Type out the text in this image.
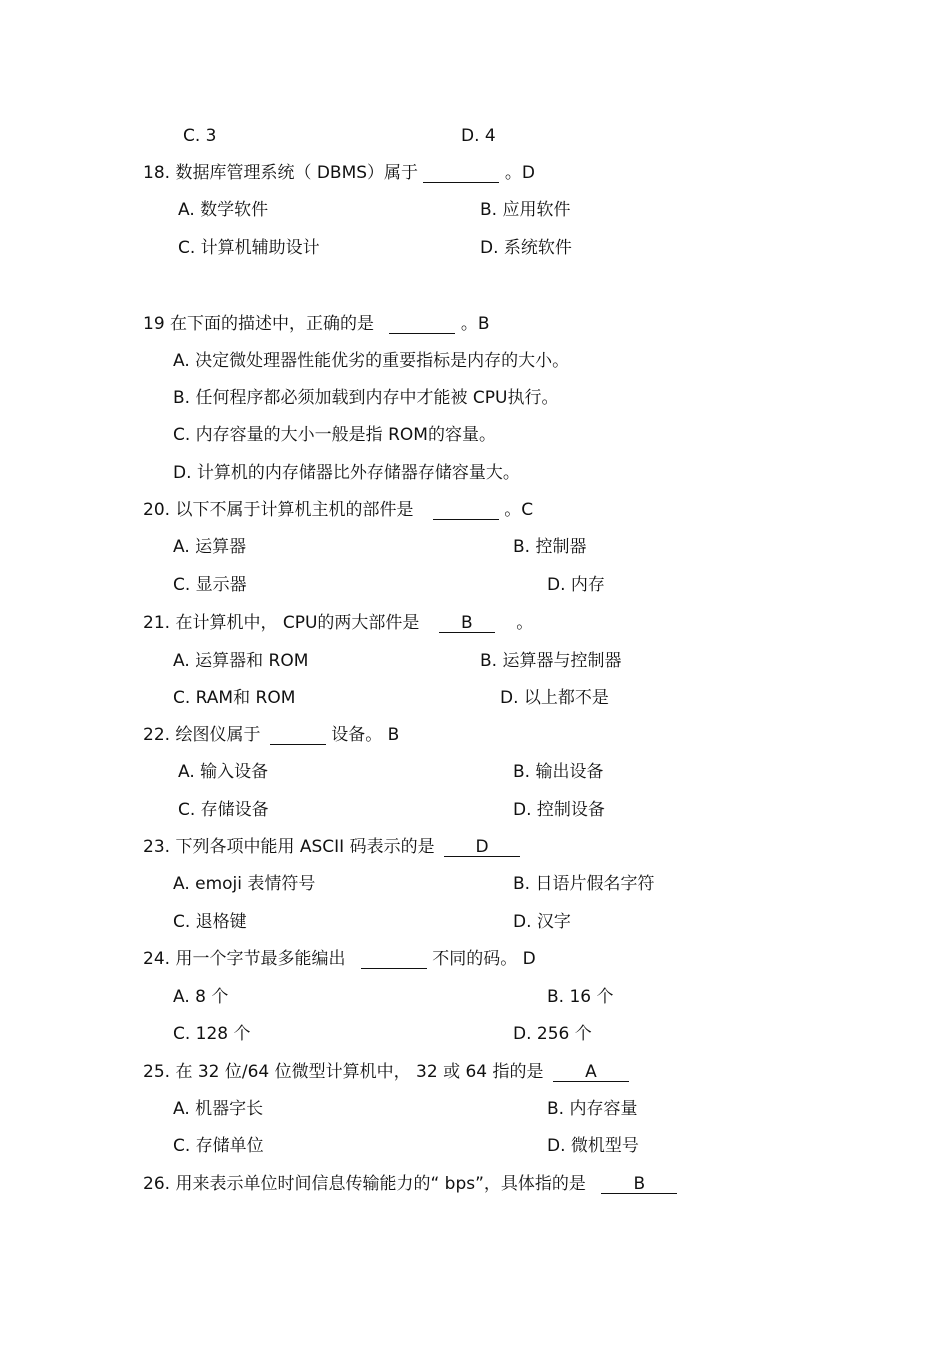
C. 3	D. 4
18. 数据库管理系统（ DBMS）属于	。D
A. 数学软件	B. 应用软件
C. 计算机辅助设计	D. 系统软件
19 在下面的描述中，正确的是	。B
A. 决定微处理器性能优劣的重要指标是内存的大小。
B. 任何程序都必须加载到内存中才能被 CPU执行。
C. 内存容量的大小一般是指 ROM的容量。
D. 计算机的内存储器比外存储器存储容量大。
20. 以下不属于计算机主机的部件是	。C
A. 运算器	B. 控制器
C. 显示器	D. 内存
21. 在计算机中， CPU的两大部件是 B	。
A. 运算器和 ROM	B. 运算器与控制器
C. RAM和 ROM	D. 以上都不是
22. 绘图仪属于	设备。 B
A. 输入设备	B. 输出设备
C. 存储设备	D. 控制设备
23. 下列各项中能用 ASCII 码表示的是 D
A. emoji 表情符号	B. 日语片假名字符
C. 退格键	D. 汉字
24. 用一个字节最多能编出	不同的码。 D
A. 8 个	B. 16 个
C. 128 个	D. 256 个
25. 在 32 位/64 位微型计算机中， 32 或 64 指的是 A
A. 机器字长	B. 内存容量
C. 存储单位	D. 微机型号
26. 用来表示单位时间信息传输能力的“ bps”，具体指的是	B
